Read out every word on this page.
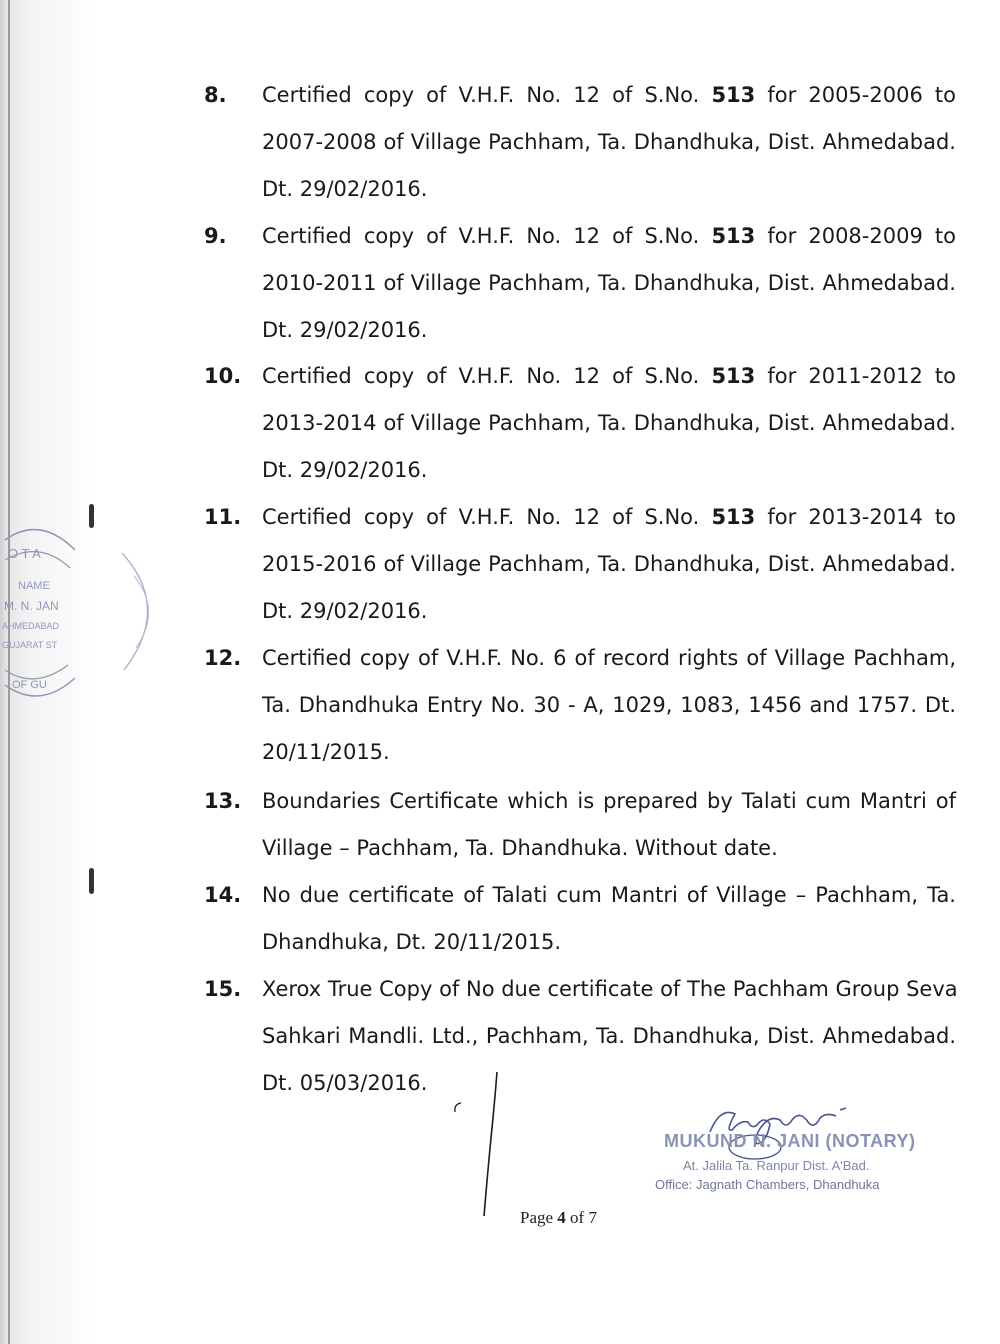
O T A
NAME
M. N. JAN
AHMEDABAD
GUJARAT ST
OF GU
8. Certified copy of V.H.F. No. 12 of S.No. 513 for 2005-2006 to
2007-2008 of Village Pachham, Ta. Dhandhuka, Dist. Ahmedabad.
Dt. 29/02/2016.
9. Certified copy of V.H.F. No. 12 of S.No. 513 for 2008-2009 to
2010-2011 of Village Pachham, Ta. Dhandhuka, Dist. Ahmedabad.
Dt. 29/02/2016.
10. Certified copy of V.H.F. No. 12 of S.No. 513 for 2011-2012 to
2013-2014 of Village Pachham, Ta. Dhandhuka, Dist. Ahmedabad.
Dt. 29/02/2016.
11. Certified copy of V.H.F. No. 12 of S.No. 513 for 2013-2014 to
2015-2016 of Village Pachham, Ta. Dhandhuka, Dist. Ahmedabad.
Dt. 29/02/2016.
12. Certified copy of V.H.F. No. 6 of record rights of Village Pachham,
Ta. Dhandhuka Entry No. 30 - A, 1029, 1083, 1456 and 1757. Dt.
20/11/2015.
13. Boundaries Certificate which is prepared by Talati cum Mantri of
Village – Pachham, Ta. Dhandhuka. Without date.
14. No due certificate of Talati cum Mantri of Village – Pachham, Ta.
Dhandhuka, Dt. 20/11/2015.
15. Xerox True Copy of No due certificate of The Pachham Group Seva
Sahkari Mandli. Ltd., Pachham, Ta. Dhandhuka, Dist. Ahmedabad.
Dt. 05/03/2016.
MUKUND N. JANI (NOTARY)
At. Jalila Ta. Ranpur Dist. A'Bad.
Office: Jagnath Chambers, Dhandhuka
Page 4 of 7
